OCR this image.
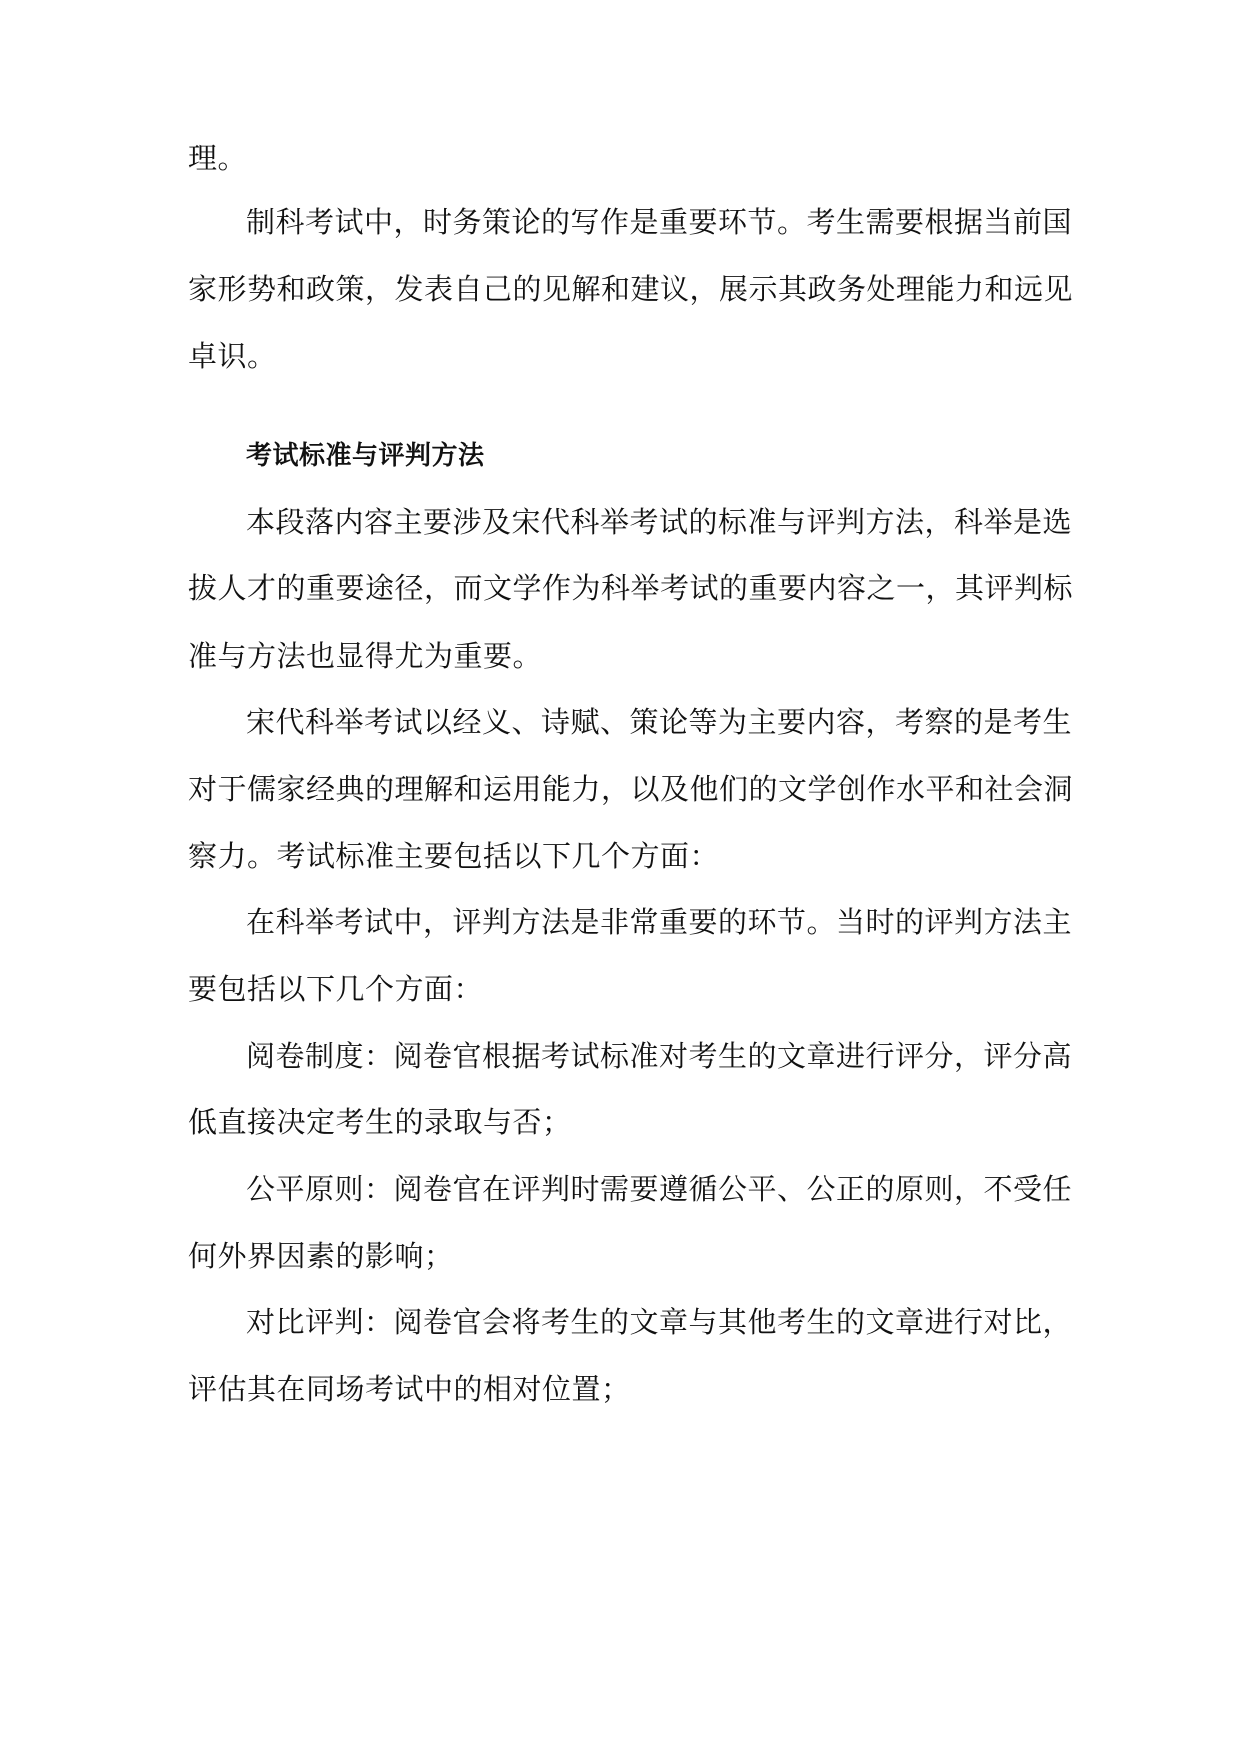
理。
制科考试中，时务策论的写作是重要环节。考生需要根据当前国
家形势和政策，发表自己的见解和建议，展示其政务处理能力和远见
卓识。
考试标准与评判方法
本段落内容主要涉及宋代科举考试的标准与评判方法，科举是选
拔人才的重要途径，而文学作为科举考试的重要内容之一，其评判标
准与方法也显得尤为重要。
宋代科举考试以经义、诗赋、策论等为主要内容，考察的是考生
对于儒家经典的理解和运用能力，以及他们的文学创作水平和社会洞
察力。考试标准主要包括以下几个方面：
在科举考试中，评判方法是非常重要的环节。当时的评判方法主
要包括以下几个方面：
阅卷制度：阅卷官根据考试标准对考生的文章进行评分，评分高
低直接决定考生的录取与否；
公平原则：阅卷官在评判时需要遵循公平、公正的原则，不受任
何外界因素的影响；
对比评判：阅卷官会将考生的文章与其他考生的文章进行对比，
评估其在同场考试中的相对位置；
